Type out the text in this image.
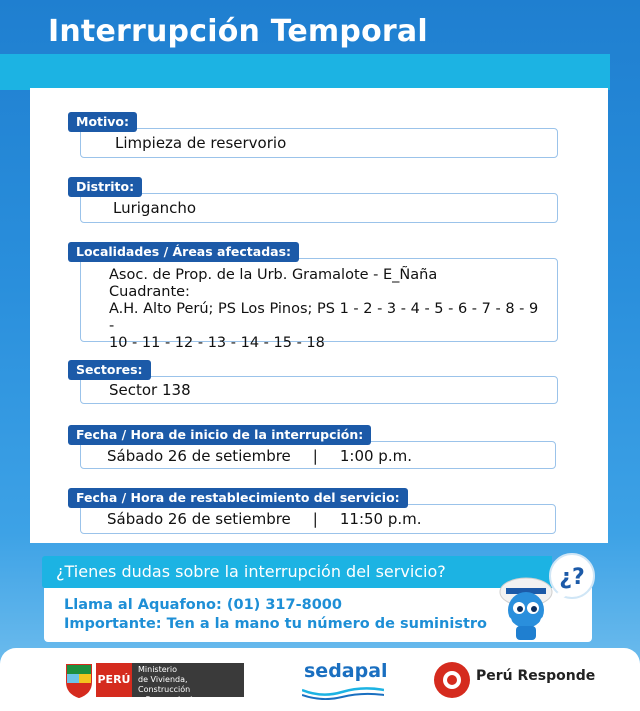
Interrupción Temporal
Limpieza de reservorio
Motivo:
Lurigancho
Distrito:
Asoc. de Prop. de la Urb. Gramalote - E_Ñaña
Cuadrante:
A.H. Alto Perú; PS Los Pinos; PS 1 - 2 - 3 - 4 - 5 - 6 - 7 - 8 - 9 -
10 - 11 - 12 - 13 - 14 - 15 - 18
Localidades / Áreas afectadas:
Sector 138
Sectores:
Sábado 26 de setiembre | 1:00 p.m.
Fecha / Hora de inicio de la interrupción:
Sábado 26 de setiembre | 11:50 p.m.
Fecha / Hora de restablecimiento del servicio:
¿Tienes dudas sobre la interrupción del servicio?
Llama al Aquafono: (01) 317-8000
Importante: Ten a la mano tu número de suministro
¿?
PERÚ
Ministerio
de Vivienda, Construcción
y Saneamiento
sedapal	Perú Responde
